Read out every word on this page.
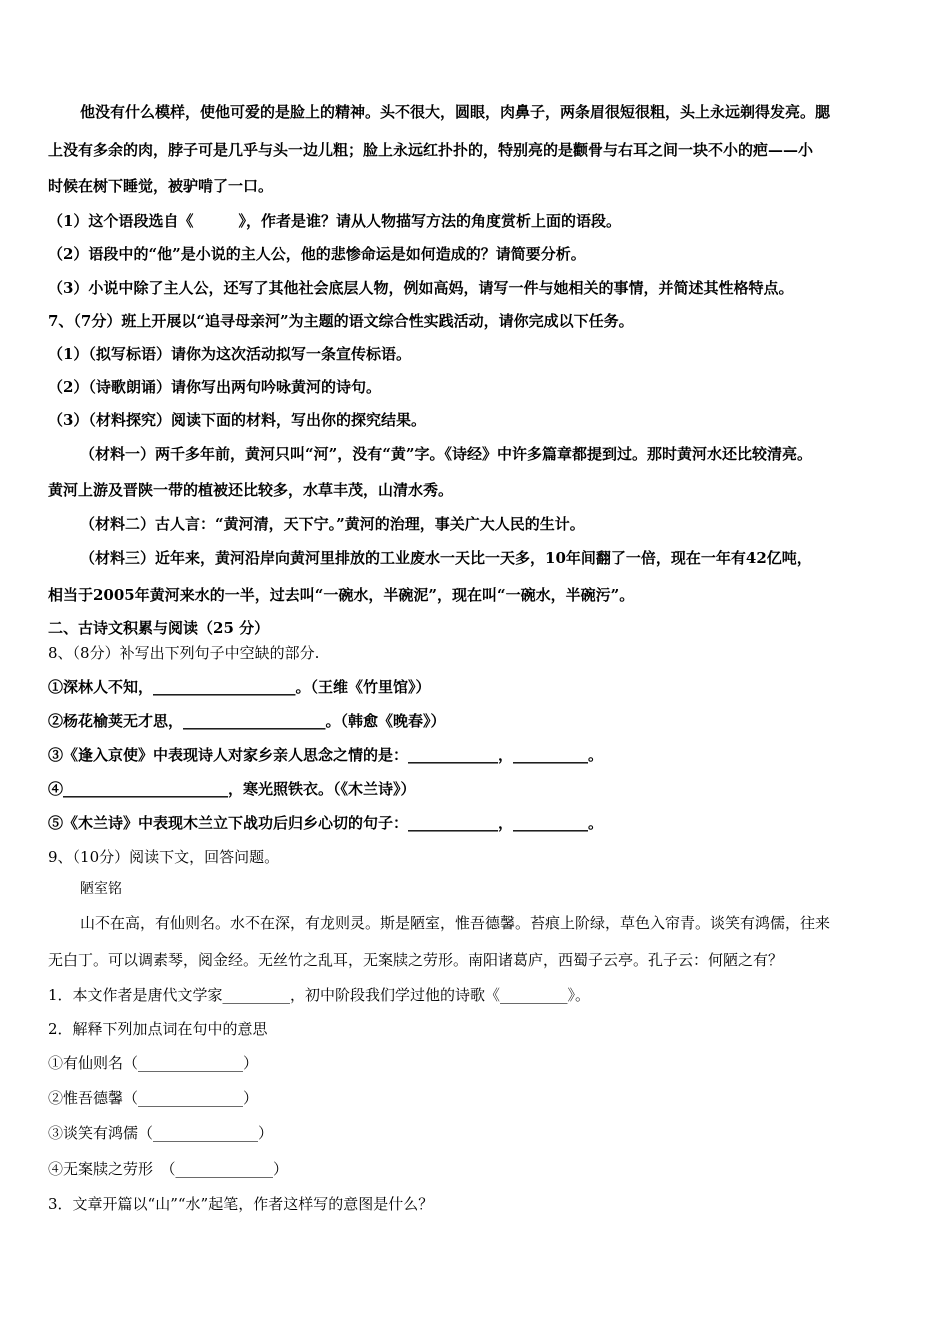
他没有什么模样，使他可爱的是脸上的精神。头不很大，圆眼，肉鼻子，两条眉很短很粗，头上永远剃得发亮。腮
上没有多余的肉，脖子可是几乎与头一边儿粗；脸上永远红扑扑的，特别亮的是颧骨与右耳之间一块不小的疤——小
时候在树下睡觉，被驴啃了一口。
（1）这个语段选自《　　　》，作者是谁？请从人物描写方法的角度赏析上面的语段。
（2）语段中的“他”是小说的主人公，他的悲惨命运是如何造成的？请简要分析。
（3）小说中除了主人公，还写了其他社会底层人物，例如高妈，请写一件与她相关的事情，并简述其性格特点。
7、（7分）班上开展以“追寻母亲河”为主题的语文综合性实践活动，请你完成以下任务。
（1）（拟写标语）请你为这次活动拟写一条宣传标语。
（2）（诗歌朗诵）请你写出两句吟咏黄河的诗句。
（3）（材料探究）阅读下面的材料，写出你的探究结果。
（材料一）两千多年前，黄河只叫“河”，没有“黄”字。《诗经》中许多篇章都提到过。那时黄河水还比较清亮。
黄河上游及晋陕一带的植被还比较多，水草丰茂，山清水秀。
（材料二）古人言：“黄河清，天下宁。”黄河的治理，事关广大人民的生计。
（材料三）近年来，黄河沿岸向黄河里排放的工业废水一天比一天多，10年间翻了一倍，现在一年有42亿吨，
相当于2005年黄河来水的一半，过去叫“一碗水，半碗泥”，现在叫“一碗水，半碗污”。
二、古诗文积累与阅读（25 分）
8、（8分）补写出下列句子中空缺的部分.
①深林人不知，___________________。（王维《竹里馆》）
②杨花榆荚无才思，___________________。（韩愈《晚春》）
③《逢入京使》中表现诗人对家乡亲人思念之情的是：____________，__________。
④______________________，寒光照铁衣。（《木兰诗》）
⑤《木兰诗》中表现木兰立下战功后归乡心切的句子：____________，__________。
9、（10分）阅读下文，回答问题。
陋室铭
山不在高，有仙则名。水不在深，有龙则灵。斯是陋室，惟吾德馨。苔痕上阶绿，草色入帘青。谈笑有鸿儒，往来
无白丁。可以调素琴，阅金经。无丝竹之乱耳，无案牍之劳形。南阳诸葛庐，西蜀子云亭。孔子云：何陋之有？
1．本文作者是唐代文学家_________，初中阶段我们学过他的诗歌《_________》。
2．解释下列加点词在句中的意思
①有仙则名（______________）
②惟吾德馨（______________）
③谈笑有鸿儒（______________）
④无案牍之劳形　（_____________）
3．文章开篇以“山”“水”起笔，作者这样写的意图是什么？
